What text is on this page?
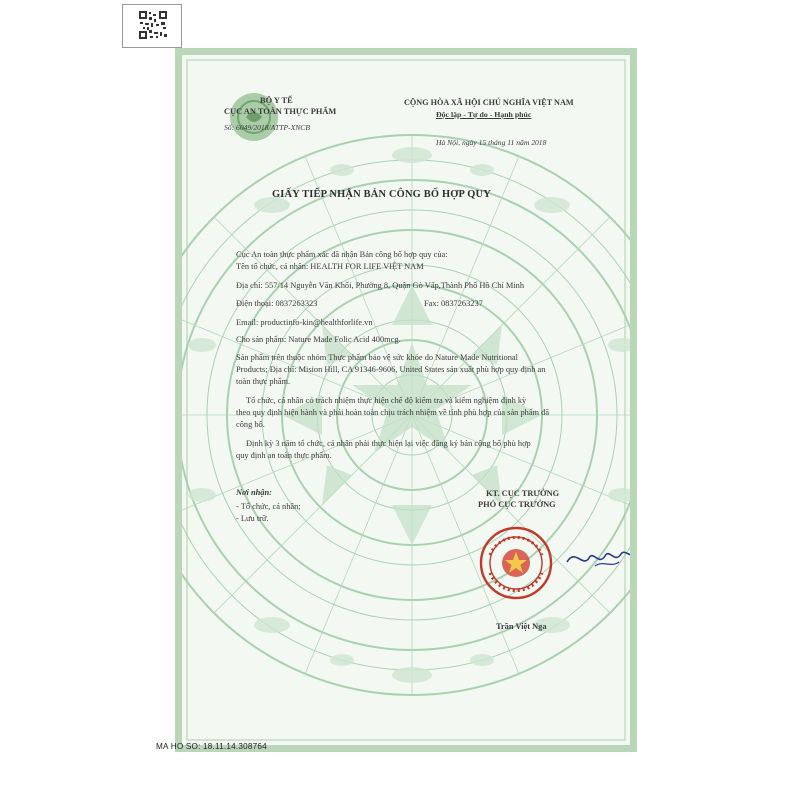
BỘ Y TẾ
CỤC AN TOÀN THỰC PHẨM
Số: 6049/2018/ATTP-XNCB
CỘNG HÒA XÃ HỘI CHỦ NGHĨA VIỆT NAM
Độc lập - Tự do - Hạnh phúc
Hà Nội, ngày 15 tháng 11 năm 2018
GIẤY TIẾP NHẬN BẢN CÔNG BỐ HỢP QUY
Cục An toàn thực phẩm xác đã nhận Bản công bố hợp quy của:
Tên tổ chức, cá nhân: HEALTH FOR LIFE VIỆT NAM
Địa chỉ: 557/14 Nguyễn Văn Khối, Phường 8, Quận Gò Vấp,Thành Phố Hồ Chí Minh
Điện thoại: 0837263323	Fax: 0837263237
Email: productinfo-kin@healthforlife.vn
Cho sản phẩm: Nature Made Folic Acid 400mcg.
Sản phẩm trên thuộc nhóm Thực phẩm bảo vệ sức khỏe do Nature Made Nutritional
Products; Địa chỉ: Mision Hill, CA 91346-9606, United States sản xuất phù hợp quy định an
toàn thực phẩm.
Tổ chức, cá nhân có trách nhiệm thực hiện chế độ kiểm tra và kiểm nghiệm định kỳ
theo quy định hiện hành và phải hoàn toàn chịu trách nhiệm về tính phù hợp của sản phẩm đã
công bố.
Định kỳ 3 năm tổ chức, cá nhân phải thực hiện lại việc đăng ký bản công bố phù hợp
quy định an toàn thực phẩm.
Nơi nhận:
- Tổ chức, cá nhân;
- Lưu trữ.
KT. CỤC TRƯỞNG
PHÓ CỤC TRƯỞNG
Trần Việt Nga
MA HO SO: 18.11.14.308764
